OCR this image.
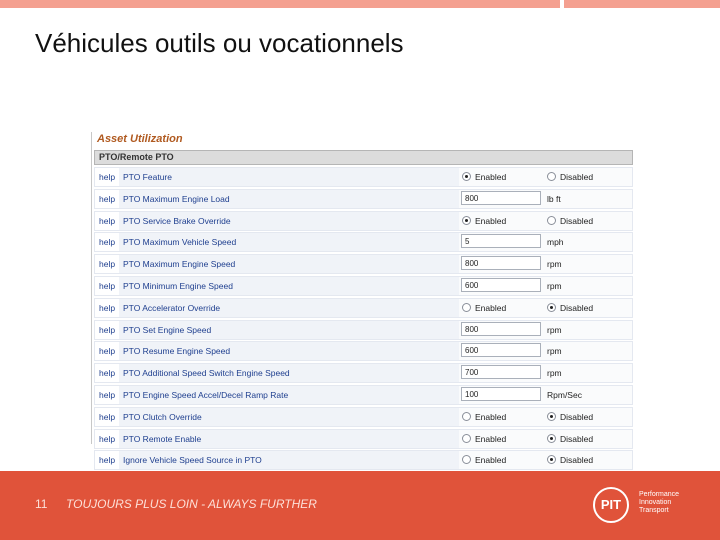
Véhicules outils ou vocationnels
Asset Utilization
PTO/Remote PTO
help PTO Feature	Enabled	Disabled
help PTO Maximum Engine Load	800	lb ft
help PTO Service Brake Override	Enabled	Disabled
help PTO Maximum Vehicle Speed	5	mph
help PTO Maximum Engine Speed	800	rpm
help PTO Minimum Engine Speed	600	rpm
help PTO Accelerator Override	Enabled	Disabled
help PTO Set Engine Speed	800	rpm
help PTO Resume Engine Speed	600	rpm
help PTO Additional Speed Switch Engine Speed	700	rpm
help PTO Engine Speed Accel/Decel Ramp Rate	100	Rpm/Sec
help PTO Clutch Override	Enabled	Disabled
help PTO Remote Enable	Enabled	Disabled
help Ignore Vehicle Speed Source in PTO	Enabled	Disabled
11 TOUJOURS PLUS LOIN - ALWAYS FURTHER	PIT
Performance
Innovation
Transport
